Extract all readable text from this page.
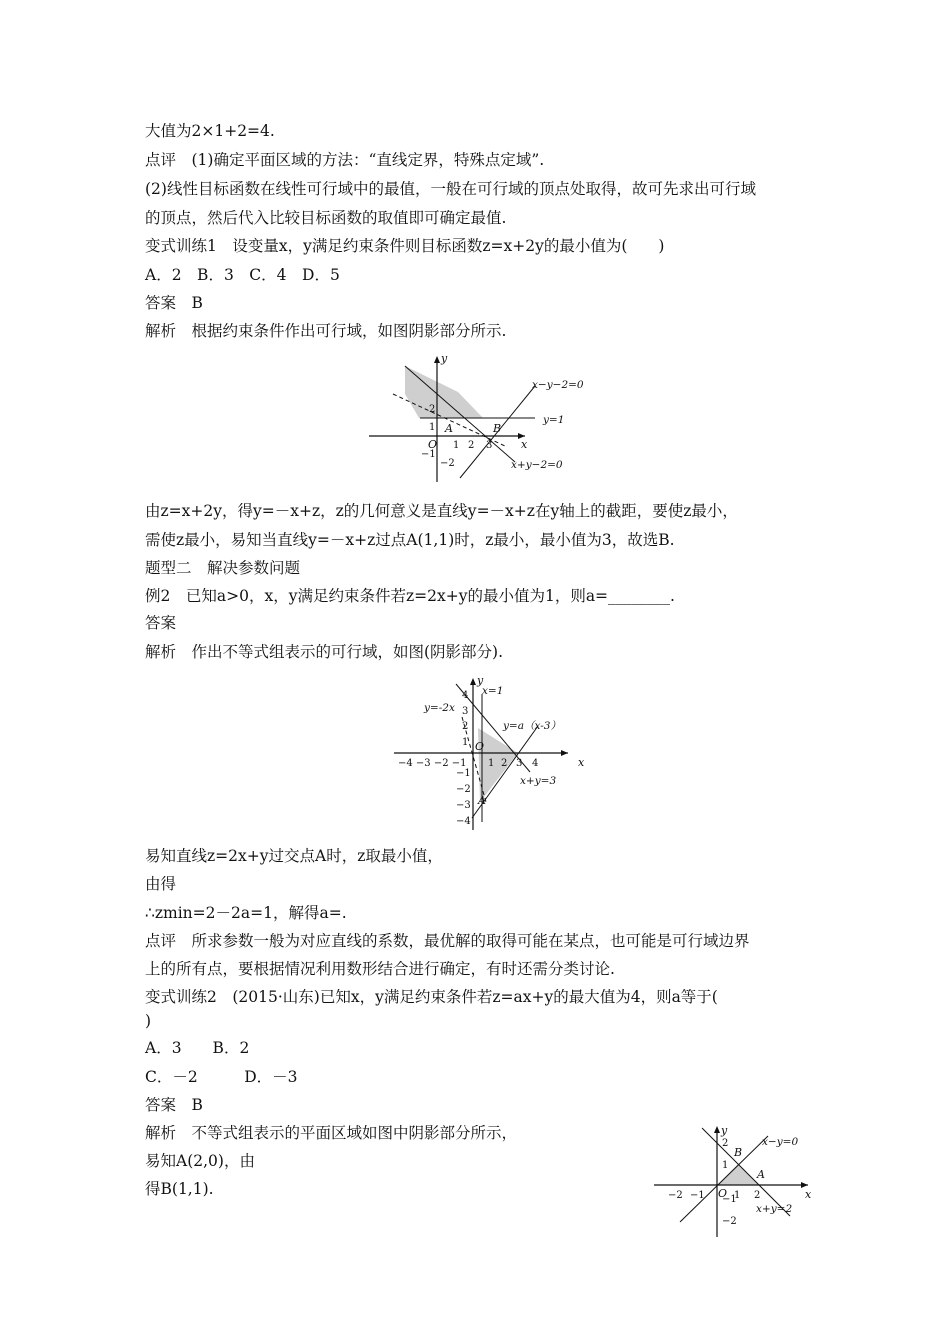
大值为2×1+2=4.
点评　(1)确定平面区域的方法：“直线定界，特殊点定域”.
(2)线性目标函数在线性可行域中的最值，一般在可行域的顶点处取得，故可先求出可行域
的顶点，然后代入比较目标函数的取值即可确定最值.
变式训练1　设变量x，y满足约束条件则目标函数z=x+2y的最小值为(　　)
A．2　B．3　C．4　D．5
答案　B
解析　根据约束条件作出可行域，如图阴影部分所示.
y
x
O
x−y−2=0
y=1
x+y−2=0
A	B
1 2 3
1
2
−1
−2
由z=x+2y，得y=－x+z，z的几何意义是直线y=－x+z在y轴上的截距，要使z最小，
需使z最小，易知当直线y=－x+z过点A(1,1)时，z最小，最小值为3，故选B.
题型二　解决参数问题
例2　已知a>0，x，y满足约束条件若z=2x+y的最小值为1，则a=________.
答案
解析　作出不等式组表示的可行域，如图(阴影部分).
y
x
O
x=1
y=-2x
y=a（x-3）
x+y=3
A
4
3
2
1
−1
−2
−3
−4
−4 −3 −2 −1 1 2 3 4
易知直线z=2x+y过交点A时，z取最小值，
由得
∴zmin=2－2a=1，解得a=.
点评　所求参数一般为对应直线的系数，最优解的取得可能在某点，也可能是可行域边界
上的所有点，要根据情况利用数形结合进行确定，有时还需分类讨论.
变式训练2　(2015·山东)已知x，y满足约束条件若z=ax+y的最大值为4，则a等于(
)
A．3　　B．2
C．－2　　　D．－3
答案　B
解析　不等式组表示的平面区域如图中阴影部分所示，
易知A(2,0)，由
得B(1,1).
y
x
O
x−y=0
x+y=2
A
B
2
1
−1
−2
−2 −1	1 2
